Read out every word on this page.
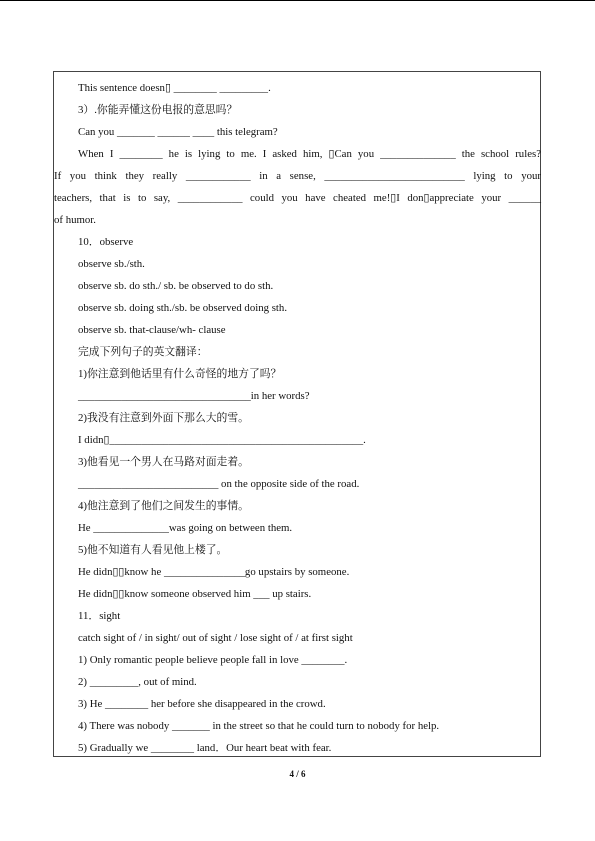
This sentence doesn▯ ________ _________.
3）.你能弄懂这份电报的意思吗？
Can you _______ ______ ____ this telegram?
When I ________ he is lying to me. I asked him, ▯Can you ______________ the school rules?
If you think they really ____________ in a sense, __________________________ lying to your
teachers, that is to say, ____________ could you have cheated me!▯I don▯appreciate your ______
of humor.
10．observe
observe sb./sth.
observe sb. do sth./ sb. be observed to do sth.
observe sb. doing sth./sb. be observed doing sth.
observe sb. that-clause/wh- clause
完成下列句子的英文翻译：
1)你注意到他话里有什么奇怪的地方了吗？
________________________________in her words?
2)我没有注意到外面下那么大的雪。
I didn▯_______________________________________________.
3)他看见一个男人在马路对面走着。
__________________________ on the opposite side of the road.
4)他注意到了他们之间发生的事情。
He ______________was going on between them.
5)他不知道有人看见他上楼了。
He didn▯▯know he _______________go upstairs by someone.
He didn▯▯know someone observed him ___ up stairs.
11．sight
catch sight of / in sight/ out of sight / lose sight of / at first sight
1) Only romantic people believe people fall in love ________.
2) _________, out of mind.
3) He ________ her before she disappeared in the crowd.
4) There was nobody _______ in the street so that he could turn to nobody for help.
5) Gradually we ________ land．Our heart beat with fear.
4 / 6
